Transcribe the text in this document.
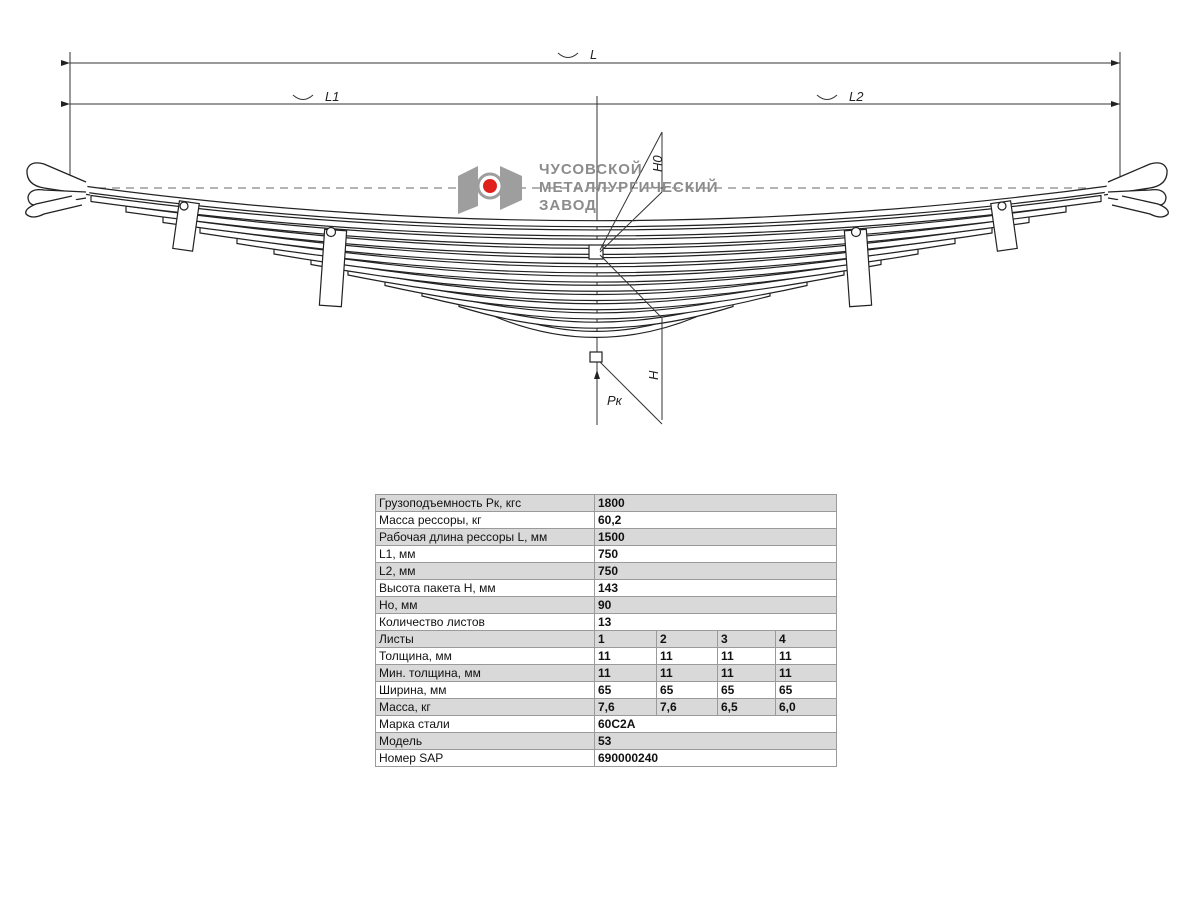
L
L1	L2
H0
H
Pк
ЧУСОВСКОЙ
МЕТАЛЛУРГИЧЕСКИЙ
ЗАВОД
Грузоподъемность Pк, кгс	1800			
Масса рессоры, кг	60,2			
Рабочая длина рессоры L, мм	1500			
L1, мм	750			
L2, мм	750			
Высота пакета H, мм	143			
Hо, мм	90			
Количество листов	13			
Листы	1	2	3	4
Толщина, мм	11	11	11	11
Мин. толщина, мм	11	11	11	11
Ширина, мм	65	65	65	65
Масса, кг	7,6	7,6	6,5	6,0
Марка стали	60С2А			
Модель	53			
Номер SAP	690000240			
